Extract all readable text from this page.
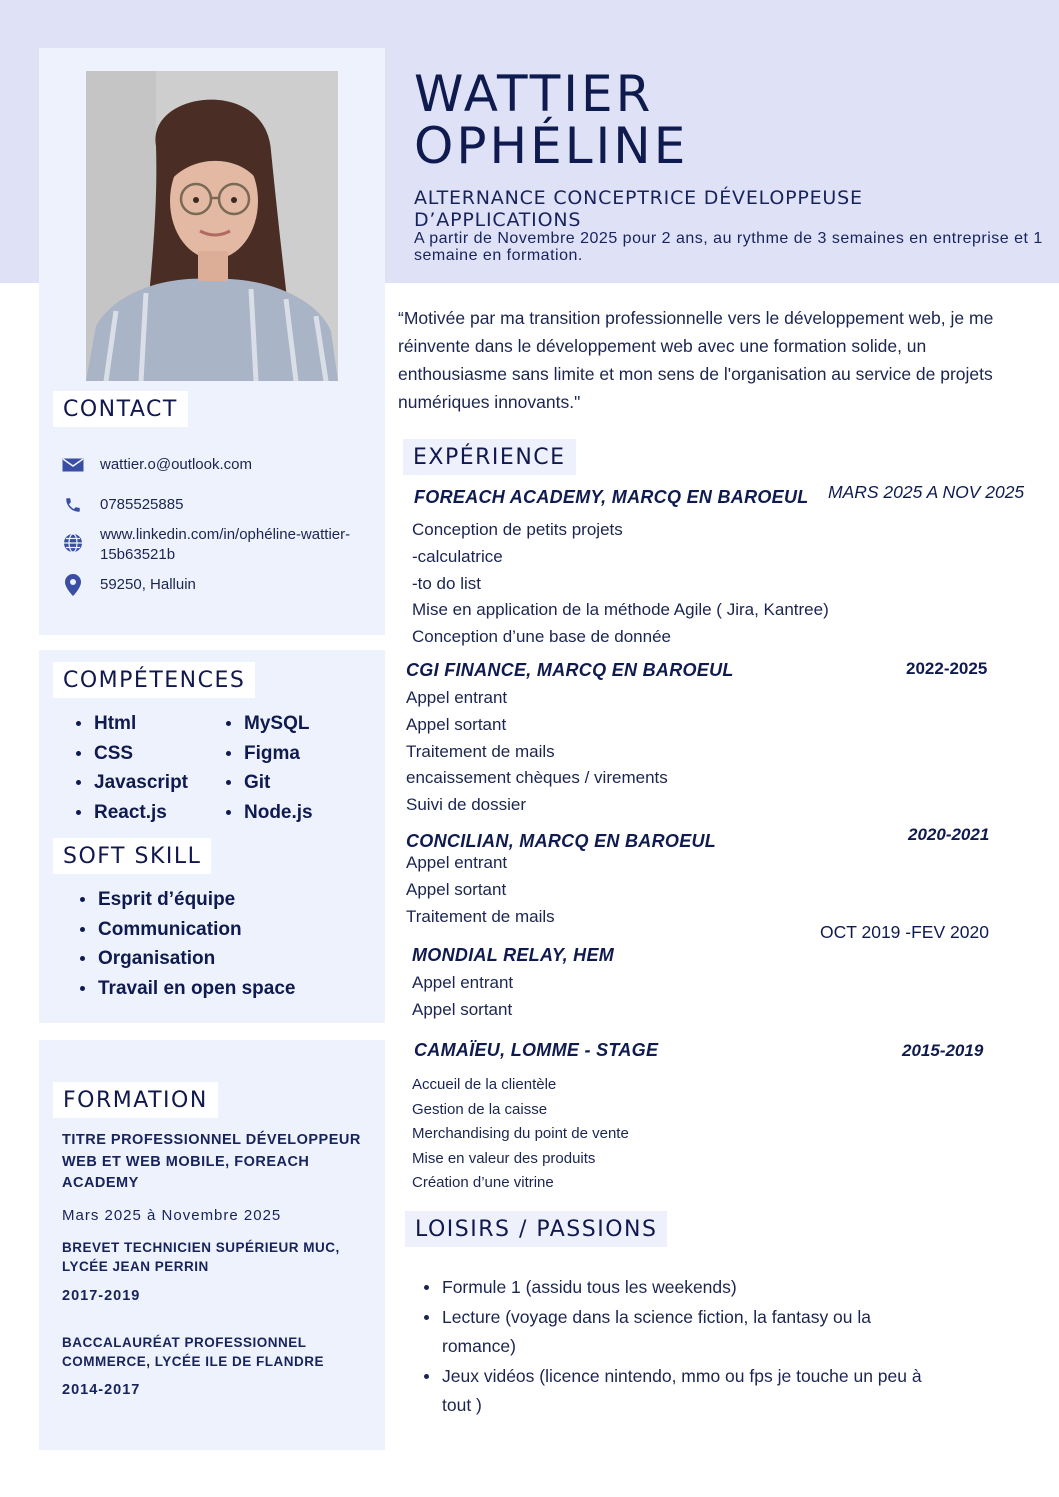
WATTIER
OPHÉLINE
ALTERNANCE CONCEPTRICE DÉVELOPPEUSE D’APPLICATIONS
A partir de Novembre 2025 pour 2 ans, au rythme de 3 semaines en entreprise et 1 semaine en formation.
“Motivée par ma transition professionnelle vers le développement web, je me réinvente dans le développement web avec une formation solide, un enthousiasme sans limite et mon sens de l'organisation au service de projets numériques innovants."
CONTACT
wattier.o@outlook.com
0785525885
www.linkedin.com/in/ophéline-wattier-15b63521b
59250, Halluin
COMPÉTENCES
Html
CSS
Javascript
React.js
MySQL
Figma
Git
Node.js
SOFT SKILL
Esprit d’équipe
Communication
Organisation
Travail en open space
FORMATION
TITRE PROFESSIONNEL DÉVELOPPEUR WEB ET WEB MOBILE, FOREACH ACADEMY
Mars 2025 à Novembre 2025
BREVET TECHNICIEN SUPÉRIEUR MUC, LYCÉE JEAN PERRIN
2017-2019
BACCALAURÉAT PROFESSIONNEL COMMERCE, LYCÉE ILE DE FLANDRE
2014-2017
EXPÉRIENCE
FOREACH ACADEMY, MARCQ EN BAROEUL MARS 2025 A NOV 2025
Conception de petits projets
-calculatrice
-to do list
Mise en application de la méthode Agile ( Jira, Kantree)
Conception d’une base de donnée
CGI FINANCE, MARCQ EN BAROEUL	2022-2025
Appel entrant
Appel sortant
Traitement de mails
encaissement chèques / virements
Suivi de dossier
CONCILIAN, MARCQ EN BAROEUL	2020-2021
Appel entrant
Appel sortant
Traitement de mails
MONDIAL RELAY, HEM
OCT 2019 -FEV 2020
Appel entrant
Appel sortant
CAMAÏEU, LOMME - STAGE	2015-2019
Accueil de la clientèle
Gestion de la caisse
Merchandising du point de vente
Mise en valeur des produits
Création d’une vitrine
LOISIRS / PASSIONS
Formule 1 (assidu tous les weekends)
Lecture (voyage dans la science fiction, la fantasy ou la romance)
Jeux vidéos (licence nintendo, mmo ou fps je touche un peu à tout )
